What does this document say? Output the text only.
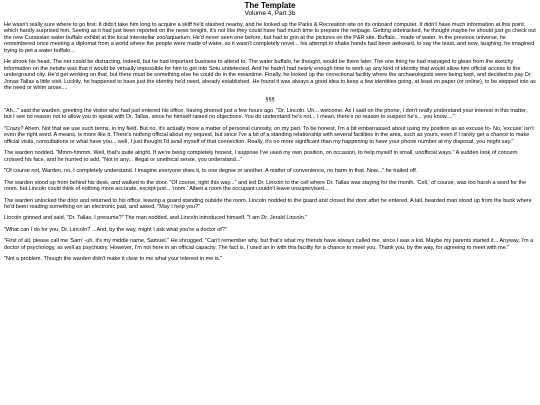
The Template
Volume 4, Part 3b

He wasn't really sure where to go first. It didn't take him long to acquire a skiff he'd stashed nearby, and he looked up the Parks & Recreation site on its onboard computer. It didn't have much information at this point, which hardly surprised him. Seeing as it had just been reported on the news tonight, it's not like they could have had much time to prepare the netpage. Getting sidetracked, he thought maybe he should just go check out the new Curassian water buffalo exhibit at the local interstellar zoo/aquarium. He'd never seen one before, but had to grin at the pictures on the P&R site. Buffalo... made of water. In the previous universe, he remembered once meeting a diplomat from a world where the people were made of water, so it wasn't completely novel... his attempt to shake hands had been awkward, to say the least, and now, laughing, he imagined trying to pet a water buffalo...

He shook his head. The net could be distracting, indeed, but he had important business to attend to. The water buffalo, he thought, would be there later. The one thing he had managed to glean from the sketchy information on the netsite was that it would be virtually impossible for him to get into Sotu undetected. And he hadn't had nearly enough time to work up any kind of identity that would allow him official access to the underground city. He'd get working on that, but there must be something else he could do in the meantime. Finally, he looked up the correctional facility where the archaeologists were being kept, and decided to pay Dr. Jonas Tallas a little visit. Luckily, he happened to have just the identity he'd need, already established. He found it was always a good idea to keep a few identities going, at least on paper (or online), to be stepped into as the need or whim arose....

§§§

"Ah..." said the warden, greeting the visitor who had just entered his office, having phoned just a few hours ago. "Dr. Lincoln. Uh... welcome. As I said on the phone, I don't really understand your interest in this matter, but I see no reason not to allow you to speak with Dr. Tallas, since he himself raised no objections. You do understand he's not... I mean, there's no reason to suspect he's... you know...."

"Crazy? Ahem. Not that we use such terms, in my field. But no, it's actually more a matter of personal curiosity, on my part. To be honest, I'm a bit embarrassed about using my position as an excuse to- No, 'excuse' isn't even the right word. A means, is more like it. There's nothing official about my request, but since I've a bit of a standing relationship with several facilities in the area, such as yours, even if I rarely get a chance to make official visits, consultations or what have you... well, I just thought I'd avail myself of that connection. Really, it's no more significant than my happening to have your phone number at my disposal, you might say."

The warden nodded. "Mmm-hmmm. Well, that's quite alright. If we're being completely honest, I suppose I've used my own position, on occasion, to help myself in small, unofficial ways." A sudden look of concern crossed his face, and he hurried to add, "Not in any... illegal or unethical sense, you understand..."

"Of course not, Warden, no, I completely understand. I imagine everyone does it, to one degree or another. A matter of convenience, no harm in that. Now..." he trailed off.

The warden stood up from behind his desk, and walked to the door. "Of course, right this way..." and led Dr. Lincoln to the cell where Dr. Tallas was staying for the month. 'Cell,' of course, was too harsh a word for the room, but Lincoln could think of nothing more accurate, except just... 'room.' Albeit a room the occupant couldn't leave unsupervised....

The warden unlocked the door and returned to his office, leaving a guard standing outside the room. Lincoln nodded to the guard and closed the door after he entered. A tall, bearded man stood up from the bunk where he'd been reading something on an electronic pad, and asked, "May I help you?"

Lincoln grinned and said, "Dr. Tallas, I presume?" The man nodded, and Lincoln introduced himself. "I am Dr. Jerald Lincoln."

"What can I do for you, Dr. Lincoln? ...And, by the way, might I ask what you're a doctor of?"

"First of all, please call me 'Sam' -uh, it's my middle name, Samuel." He shrugged. "Can't remember why, but that's what my friends have always called me, since I was a kid. Maybe my parents started it... Anyway, I'm a doctor of psychology, as well as psychiatry. However, I'm not here in an official capacity. The fact is, I used an in with this facility for a chance to meet you. Thank you, by the way, for agreeing to meet with me."

"Not a problem. Though the warden didn't make it clear to me what your interest in me is."
